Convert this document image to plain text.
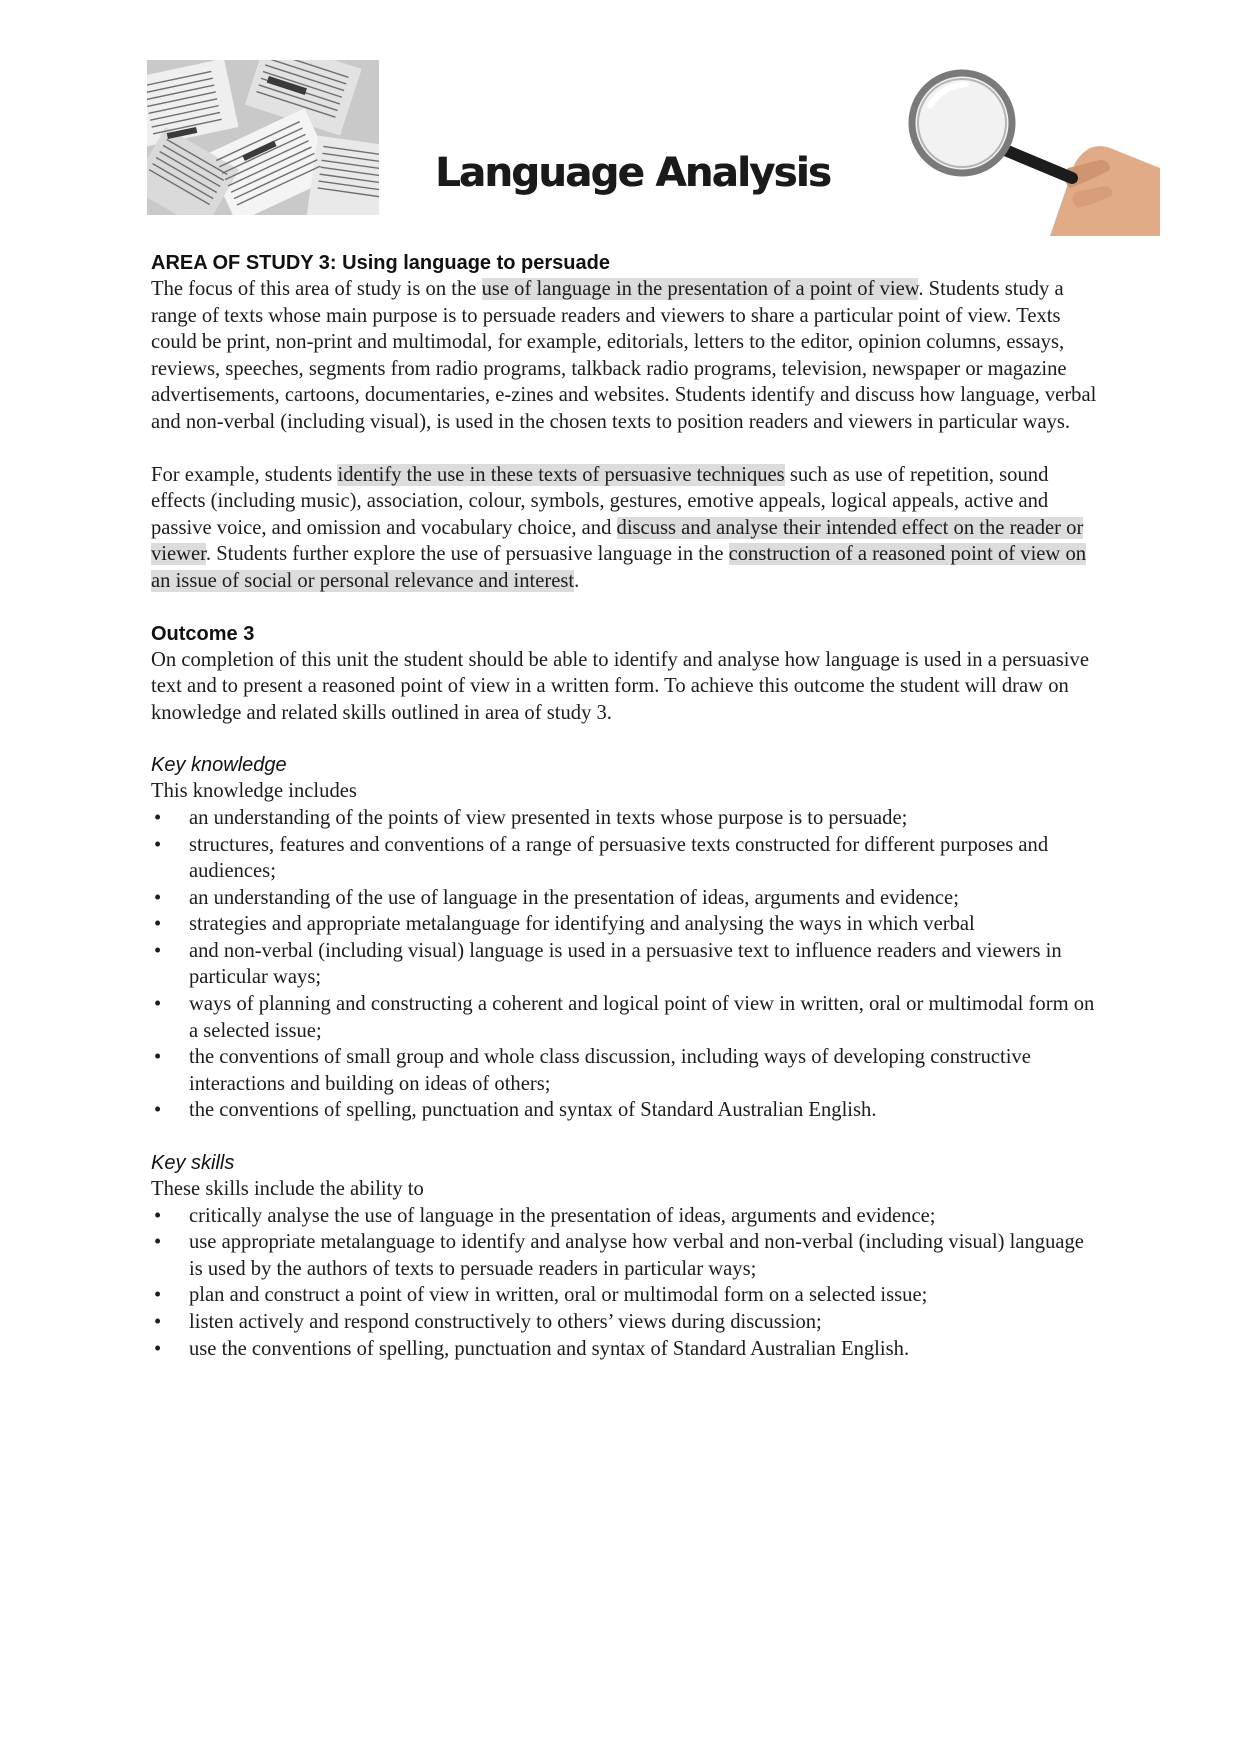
Language Analysis
AREA OF STUDY 3: Using language to persuade

The focus of this area of study is on the use of language in the presentation of a point of view. Students study a range of texts whose main purpose is to persuade readers and viewers to share a particular point of view. Texts could be print, non-print and multimodal, for example, editorials, letters to the editor, opinion columns, essays, reviews, speeches, segments from radio programs, talkback radio programs, television, newspaper or magazine advertisements, cartoons, documentaries, e-zines and websites. Students identify and discuss how language, verbal and non-verbal (including visual), is used in the chosen texts to position readers and viewers in particular ways.

For example, students identify the use in these texts of persuasive techniques such as use of repetition, sound effects (including music), association, colour, symbols, gestures, emotive appeals, logical appeals, active and passive voice, and omission and vocabulary choice, and discuss and analyse their intended effect on the reader or viewer. Students further explore the use of persuasive language in the construction of a reasoned point of view on an issue of social or personal relevance and interest.

Outcome 3

On completion of this unit the student should be able to identify and analyse how language is used in a persuasive text and to present a reasoned point of view in a written form. To achieve this outcome the student will draw on knowledge and related skills outlined in area of study 3.

Key knowledge

This knowledge includes

• an understanding of the points of view presented in texts whose purpose is to persuade;
• structures, features and conventions of a range of persuasive texts constructed for different purposes and audiences;
• an understanding of the use of language in the presentation of ideas, arguments and evidence;
• strategies and appropriate metalanguage for identifying and analysing the ways in which verbal
• and non-verbal (including visual) language is used in a persuasive text to influence readers and viewers in particular ways;
• ways of planning and constructing a coherent and logical point of view in written, oral or multimodal form on a selected issue;
• the conventions of small group and whole class discussion, including ways of developing constructive interactions and building on ideas of others;
• the conventions of spelling, punctuation and syntax of Standard Australian English.
Key skills

These skills include the ability to

• critically analyse the use of language in the presentation of ideas, arguments and evidence;
• use appropriate metalanguage to identify and analyse how verbal and non-verbal (including visual) language is used by the authors of texts to persuade readers in particular ways;
• plan and construct a point of view in written, oral or multimodal form on a selected issue;
• listen actively and respond constructively to others’ views during discussion;
• use the conventions of spelling, punctuation and syntax of Standard Australian English.
